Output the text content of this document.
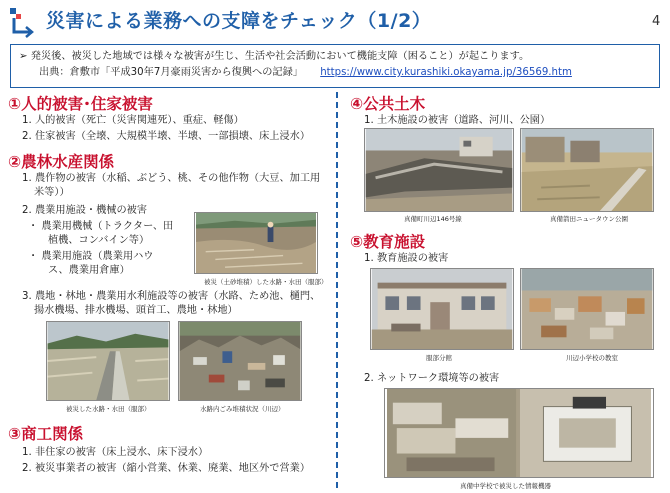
災害による業務への支障をチェック（1/2）	4
➢ 発災後、被災した地域では様々な被害が生じ、生活や社会活動において機能支障（困ること）が起こります。
出典：倉敷市「平成30年7月豪雨災害から復興への記録」 https://www.city.kurashiki.okayama.jp/36569.htm
①人的被害･住家被害
1. 人的被害（死亡（災害関連死）、重症、軽傷）
2. 住家被害（全壊、大規模半壊、半壊、一部損壊、床上浸水）
②農林水産関係
1. 農作物の被害（水稲、ぶどう、桃、その他作物（大豆、加工用
米等））
2. 農業用施設・機械の被害
・ 農業用機械（トラクター、田
植機、コンバイン等）
・ 農業用施設（農業用ハウ
ス、農業用倉庫）
被災（土砂堆積）した水路・水田（服部）
3. 農地・林地・農業用水利施設等の被害（水路、ため池、樋門、
揚水機場、排水機場、頭首工、農地・林地）
被災した水路・水田（服部）	水路内ごみ堆積状況（川辺）
③商工関係
1. 非住家の被害（床上浸水、床下浸水）
2. 被災事業者の被害（縮小営業、休業、廃業、地区外で営業）
④公共土木
1. 土木施設の被害（道路、河川、公園）
真備町川辺146号線	真備箭田ニュータウン公園
⑤教育施設
1. 教育施設の被害
服部分館	川辺小学校の教室
2. ネットワーク環境等の被害
真備中学校で被災した情報機器
